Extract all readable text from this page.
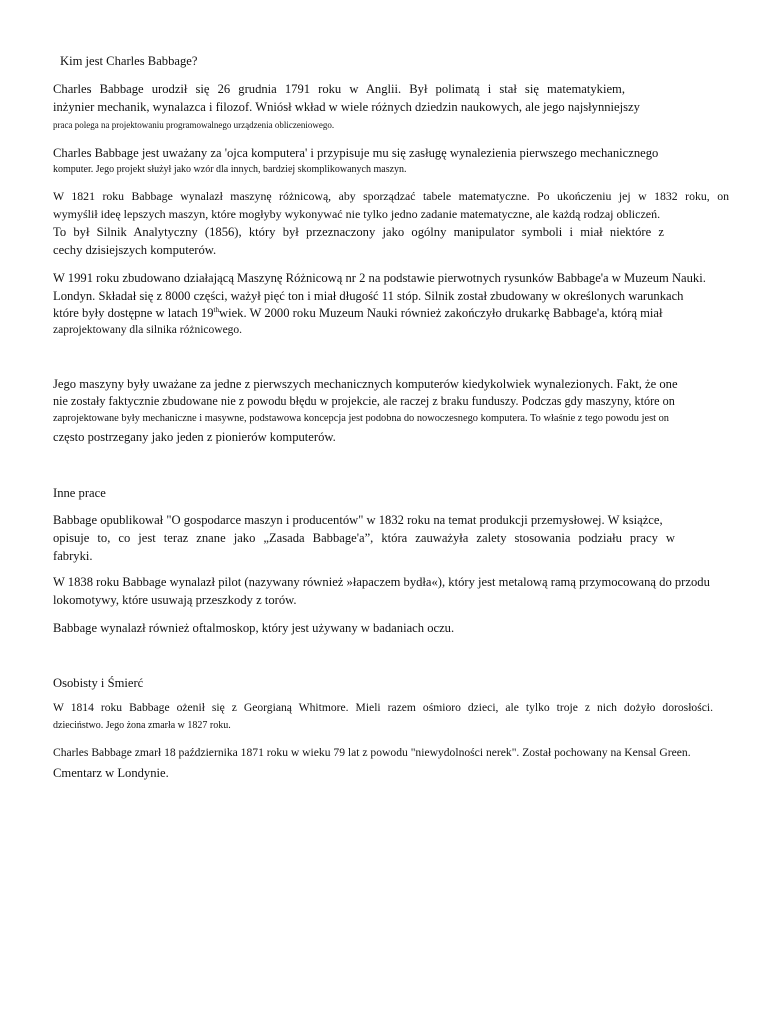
Kim jest Charles Babbage?
Charles Babbage urodził się 26 grudnia 1791 roku w Anglii. Był polimatą i stał się matematykiem,
inżynier mechanik, wynalazca i filozof. Wniósł wkład w wiele różnych dziedzin naukowych, ale jego najsłynniejszy
praca polega na projektowaniu programowalnego urządzenia obliczeniowego.
Charles Babbage jest uważany za 'ojca komputera' i przypisuje mu się zasługę wynalezienia pierwszego mechanicznego
komputer. Jego projekt służył jako wzór dla innych, bardziej skomplikowanych maszyn.
W 1821 roku Babbage wynalazł maszynę różnicową, aby sporządzać tabele matematyczne. Po ukończeniu jej w 1832 roku, on
wymyślił ideę lepszych maszyn, które mogłyby wykonywać nie tylko jedno zadanie matematyczne, ale każdą rodzaj obliczeń.
To był Silnik Analytyczny (1856), który był przeznaczony jako ogólny manipulator symboli i miał niektóre z
cechy dzisiejszych komputerów.
W 1991 roku zbudowano działającą Maszynę Różnicową nr 2 na podstawie pierwotnych rysunków Babbage'a w Muzeum Nauki.
Londyn. Składał się z 8000 części, ważył pięć ton i miał długość 11 stóp. Silnik został zbudowany w określonych warunkach
które były dostępne w latach 19thwiek. W 2000 roku Muzeum Nauki również zakończyło drukarkę Babbage'a, którą miał
zaprojektowany dla silnika różnicowego.
Jego maszyny były uważane za jedne z pierwszych mechanicznych komputerów kiedykolwiek wynalezionych. Fakt, że one
nie zostały faktycznie zbudowane nie z powodu błędu w projekcie, ale raczej z braku funduszy. Podczas gdy maszyny, które on
zaprojektowane były mechaniczne i masywne, podstawowa koncepcja jest podobna do nowoczesnego komputera. To właśnie z tego powodu jest on
często postrzegany jako jeden z pionierów komputerów.
Inne prace
Babbage opublikował "O gospodarce maszyn i producentów" w 1832 roku na temat produkcji przemysłowej. W książce,
opisuje to, co jest teraz znane jako „Zasada Babbage'a”, która zauważyła zalety stosowania podziału pracy w
fabryki.
W 1838 roku Babbage wynalazł pilot (nazywany również »łapaczem bydła«), który jest metalową ramą przymocowaną do przodu
lokomotywy, które usuwają przeszkody z torów.
Babbage wynalazł również oftalmoskop, który jest używany w badaniach oczu.
Osobisty i Śmierć
W 1814 roku Babbage ożenił się z Georgianą Whitmore. Mieli razem ośmioro dzieci, ale tylko troje z nich dożyło dorosłości.
dzieciństwo. Jego żona zmarła w 1827 roku.
Charles Babbage zmarł 18 października 1871 roku w wieku 79 lat z powodu "niewydolności nerek". Został pochowany na Kensal Green.
Cmentarz w Londynie.
